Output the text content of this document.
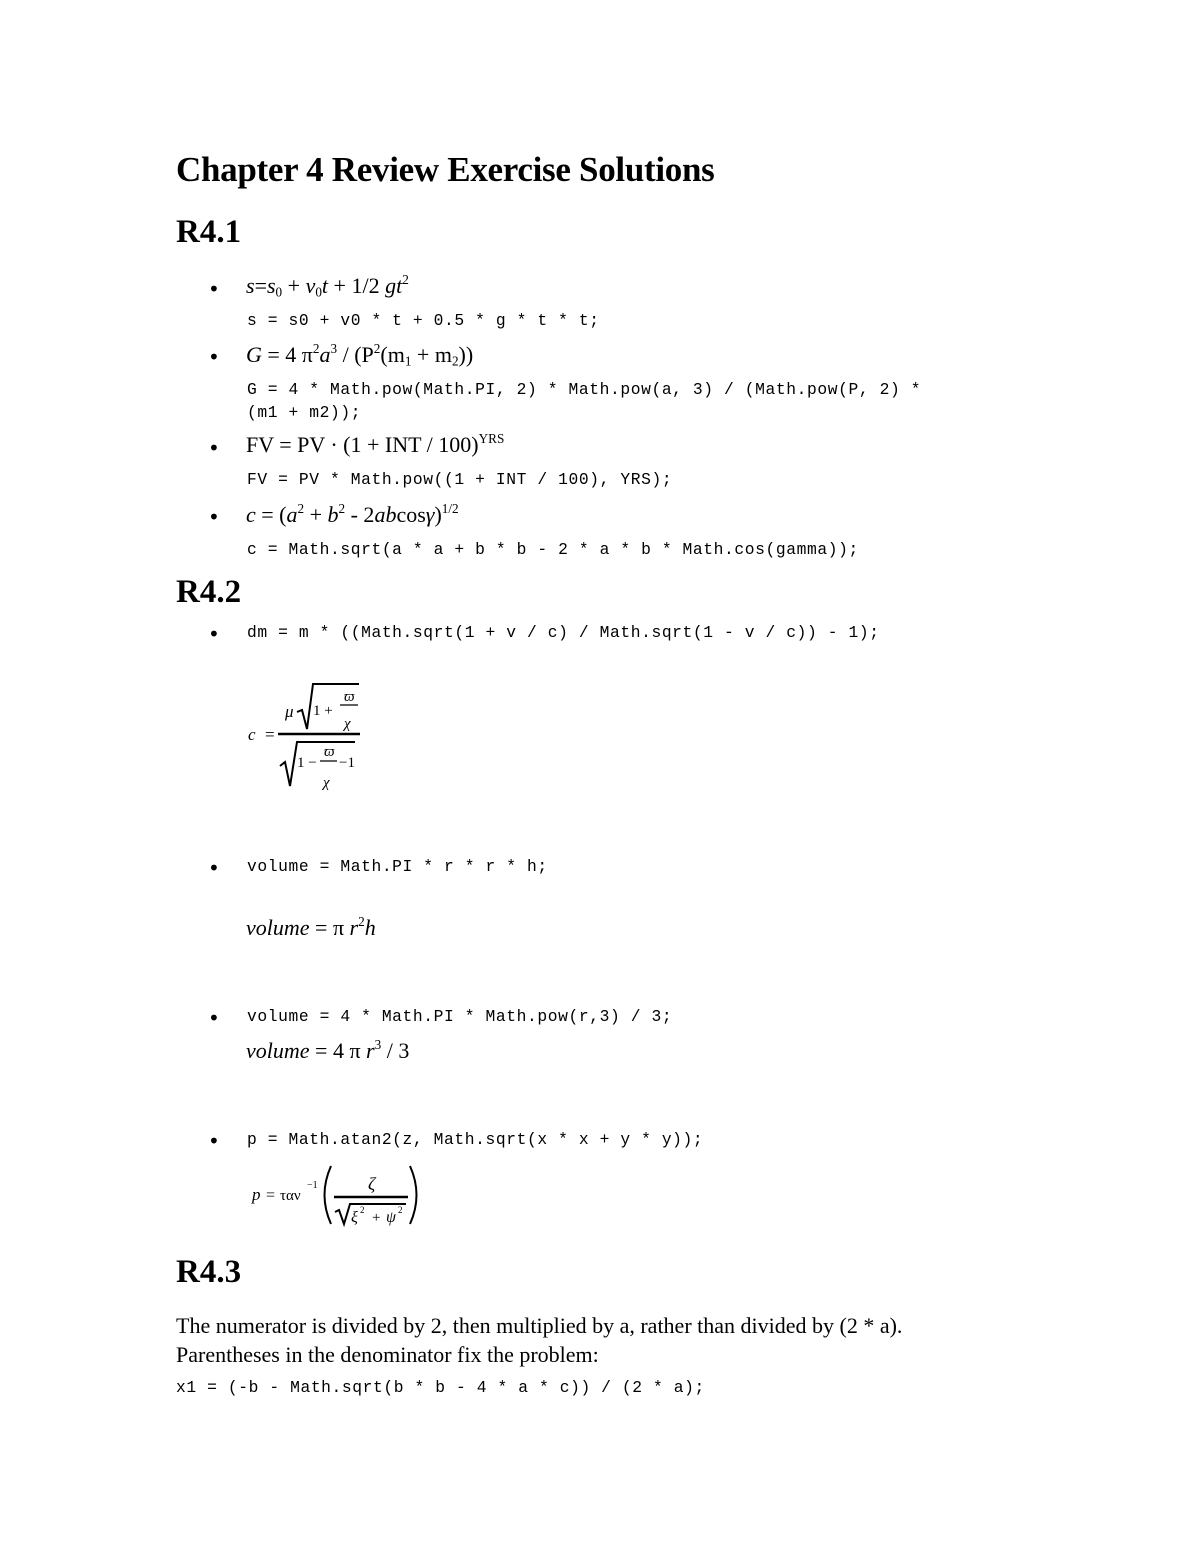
Chapter 4 Review Exercise Solutions
R4.1
• $s=s_0 + v_0t + 1/2$ $gt^2$
s = s0 + v0 * t + 0.5 * g * t * t;
• G = 4 $\pi^2a^3 / (P^2(m_1 + m_2))$
G = 4 * Math.pow(Math.PI, 2) * Math.pow(a, 3) / (Math.pow(P, 2) *
(m1 + m2));
• FV = PV · (1 + INT / 100)$^{YRS}$
FV = PV * Math.pow((1 + INT / 100), YRS);
• $c = (a^2 + b^2 - 2abcos\gamma)^{1/2}$
c = Math.sqrt(a * a + b * b - 2 * a * b * Math.cos(gamma));
R4.2
• dm = m * ((Math.sqrt(1 + v / c) / Math.sqrt(1 - v / c)) - 1);
c =
μ 1 +
ϖ
χ
1 −
ϖ
−1
χ
• volume = Math.PI * r * r * h;
volume = π $r^2h$
• volume = 4 * Math.PI * Math.pow(r,3) / 3;
volume = 4 π $r^3 / 3$
• p = Math.atan2(z, Math.sqrt(x * x + y * y));
p = ταν
−1	ζ
ξ 2 + ψ 2
R4.3
The numerator is divided by 2, then multiplied by a, rather than divided by (2 * a).
Parentheses in the denominator fix the problem:
x1 = (-b - Math.sqrt(b * b - 4 * a * c)) / (2 * a);
